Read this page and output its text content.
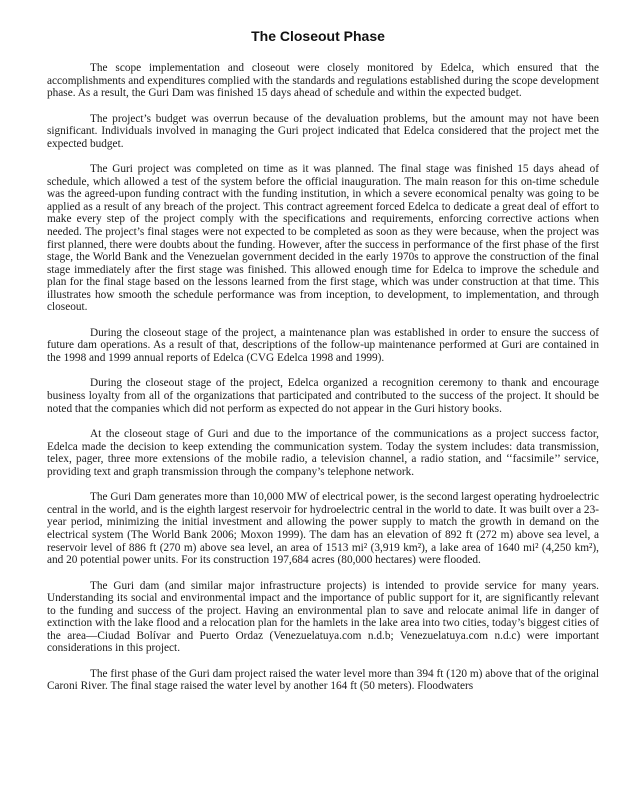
The Closeout Phase

The scope implementation and closeout were closely monitored by Edelca, which ensured that the accomplishments and expenditures complied with the standards and regulations established during the scope development phase. As a result, the Guri Dam was finished 15 days ahead of schedule and within the expected budget.

The project’s budget was overrun because of the devaluation problems, but the amount may not have been significant. Individuals involved in managing the Guri project indicated that Edelca considered that the project met the expected budget.

The Guri project was completed on time as it was planned. The final stage was finished 15 days ahead of schedule, which allowed a test of the system before the official inauguration. The main reason for this on-time schedule was the agreed-upon funding contract with the funding institution, in which a severe economical penalty was going to be applied as a result of any breach of the project. This contract agreement forced Edelca to dedicate a great deal of effort to make every step of the project comply with the specifications and requirements, enforcing corrective actions when needed. The project’s final stages were not expected to be completed as soon as they were because, when the project was first planned, there were doubts about the funding. However, after the success in performance of the first phase of the first stage, the World Bank and the Venezuelan government decided in the early 1970s to approve the construction of the final stage immediately after the first stage was finished. This allowed enough time for Edelca to improve the schedule and plan for the final stage based on the lessons learned from the first stage, which was under construction at that time. This illustrates how smooth the schedule performance was from inception, to development, to implementation, and through closeout.

During the closeout stage of the project, a maintenance plan was established in order to ensure the success of future dam operations. As a result of that, descriptions of the follow-up maintenance performed at Guri are contained in the 1998 and 1999 annual reports of Edelca (CVG Edelca 1998 and 1999).

During the closeout stage of the project, Edelca organized a recognition ceremony to thank and encourage business loyalty from all of the organizations that participated and contributed to the success of the project. It should be noted that the companies which did not perform as expected do not appear in the Guri history books.

At the closeout stage of Guri and due to the importance of the communications as a project success factor, Edelca made the decision to keep extending the communication system. Today the system includes: data transmission, telex, pager, three more extensions of the mobile radio, a television channel, a radio station, and ‘‘facsimile’’ service, providing text and graph transmission through the company’s telephone network.

The Guri Dam generates more than 10,000 MW of electrical power, is the second largest operating hydroelectric central in the world, and is the eighth largest reservoir for hydroelectric central in the world to date. It was built over a 23-year period, minimizing the initial investment and allowing the power supply to match the growth in demand on the electrical system (The World Bank 2006; Moxon 1999). The dam has an elevation of 892 ft (272 m) above sea level, a reservoir level of 886 ft (270 m) above sea level, an area of 1513 mi² (3,919 km²), a lake area of 1640 mi² (4,250 km²), and 20 potential power units. For its construction 197,684 acres (80,000 hectares) were flooded.

The Guri dam (and similar major infrastructure projects) is intended to provide service for many years. Understanding its social and environmental impact and the importance of public support for it, are significantly relevant to the funding and success of the project. Having an environmental plan to save and relocate animal life in danger of extinction with the lake flood and a relocation plan for the hamlets in the lake area into two cities, today’s biggest cities of the area—Ciudad Bolívar and Puerto Ordaz (Venezuelatuya.com n.d.b; Venezuelatuya.com n.d.c) were important considerations in this project.

The first phase of the Guri dam project raised the water level more than 394 ft (120 m) above that of the original Caroni River. The final stage raised the water level by another 164 ft (50 meters). Floodwaters
